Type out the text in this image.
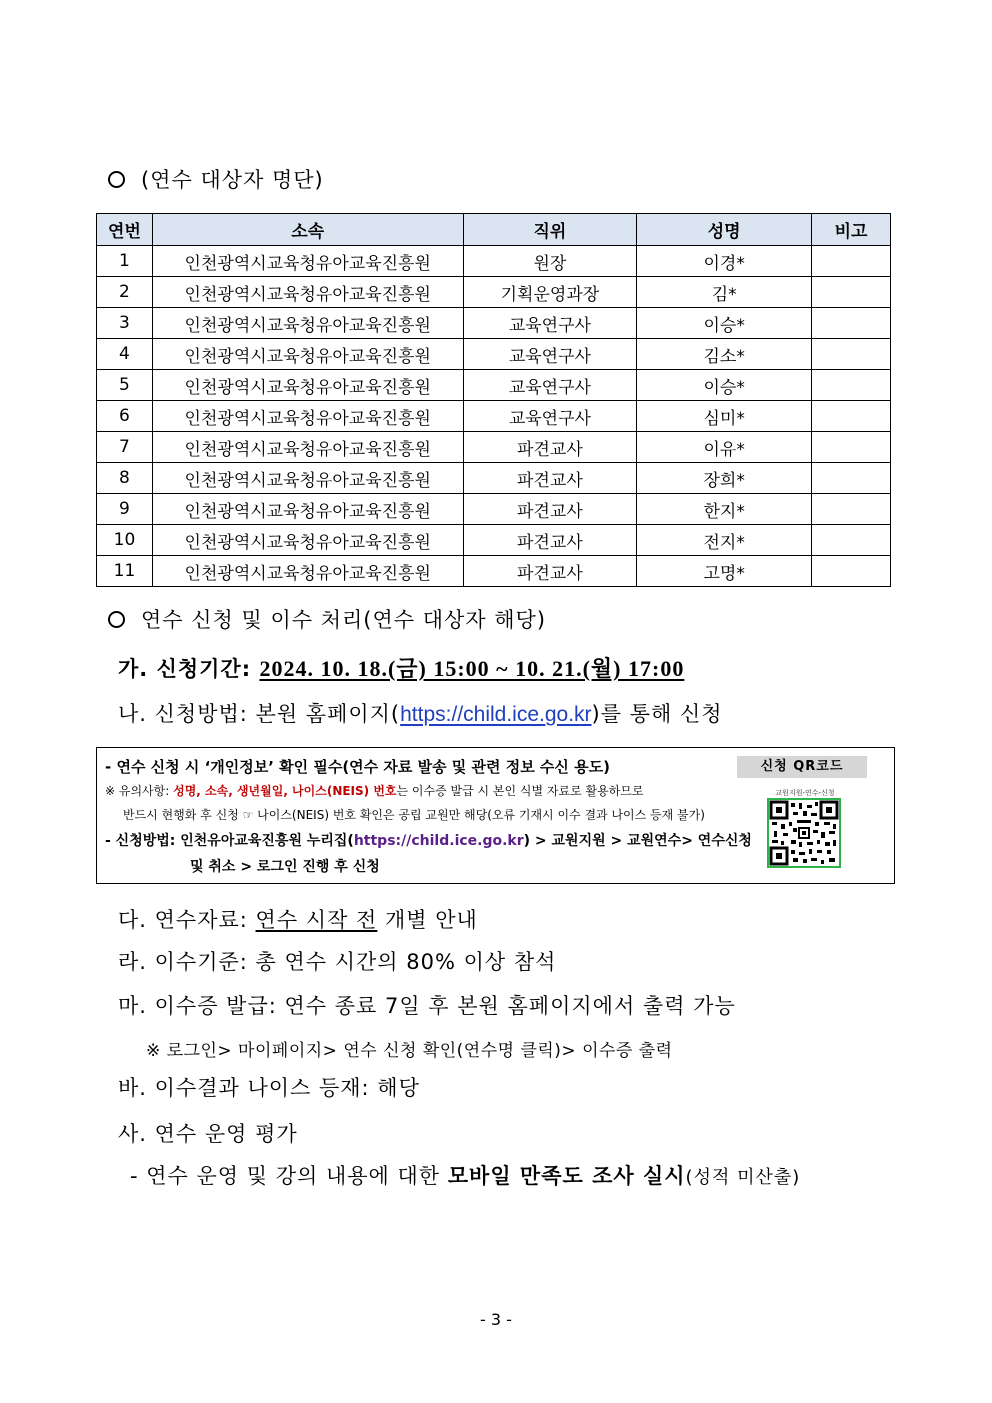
(연수 대상자 명단)
연번	소속	직위	성명	비고
1	인천광역시교육청유아교육진흥원	원장	이경*	
2	인천광역시교육청유아교육진흥원	기획운영과장	김*	
3	인천광역시교육청유아교육진흥원	교육연구사	이승*	
4	인천광역시교육청유아교육진흥원	교육연구사	김소*	
5	인천광역시교육청유아교육진흥원	교육연구사	이승*	
6	인천광역시교육청유아교육진흥원	교육연구사	심미*	
7	인천광역시교육청유아교육진흥원	파견교사	이유*	
8	인천광역시교육청유아교육진흥원	파견교사	장희*	
9	인천광역시교육청유아교육진흥원	파견교사	한지*	
10	인천광역시교육청유아교육진흥원	파견교사	전지*	
11	인천광역시교육청유아교육진흥원	파견교사	고명*	
연수 신청 및 이수 처리(연수 대상자 해당)
가. 신청기간: 2024. 10. 18.(금) 15:00 ~ 10. 21.(월) 17:00
나. 신청방법: 본원 홈페이지(https://child.ice.go.kr)를 통해 신청
- 연수 신청 시 ‘개인정보’ 확인 필수(연수 자료 발송 및 관련 정보 수신 용도)
※ 유의사항: 성명, 소속, 생년월일, 나이스(NEIS) 번호는 이수증 발급 시 본인 식별 자료로 활용하므로
반드시 현행화 후 신청 ☞ 나이스(NEIS) 번호 확인은 공립 교원만 해당(오류 기재시 이수 결과 나이스 등재 불가)
- 신청방법: 인천유아교육진흥원 누리집(https://child.ice.go.kr) > 교원지원 > 교원연수> 연수신청
및 취소 > 로그인 진행 후 신청
신청 QR코드
교원지원-연수-신청
다. 연수자료: 연수 시작 전 개별 안내
라. 이수기준: 총 연수 시간의 80% 이상 참석
마. 이수증 발급: 연수 종료 7일 후 본원 홈페이지에서 출력 가능
※ 로그인> 마이페이지> 연수 신청 확인(연수명 클릭)> 이수증 출력
바. 이수결과 나이스 등재: 해당
사. 연수 운영 평가
- 연수 운영 및 강의 내용에 대한 모바일 만족도 조사 실시(성적 미산출)
- 3 -
